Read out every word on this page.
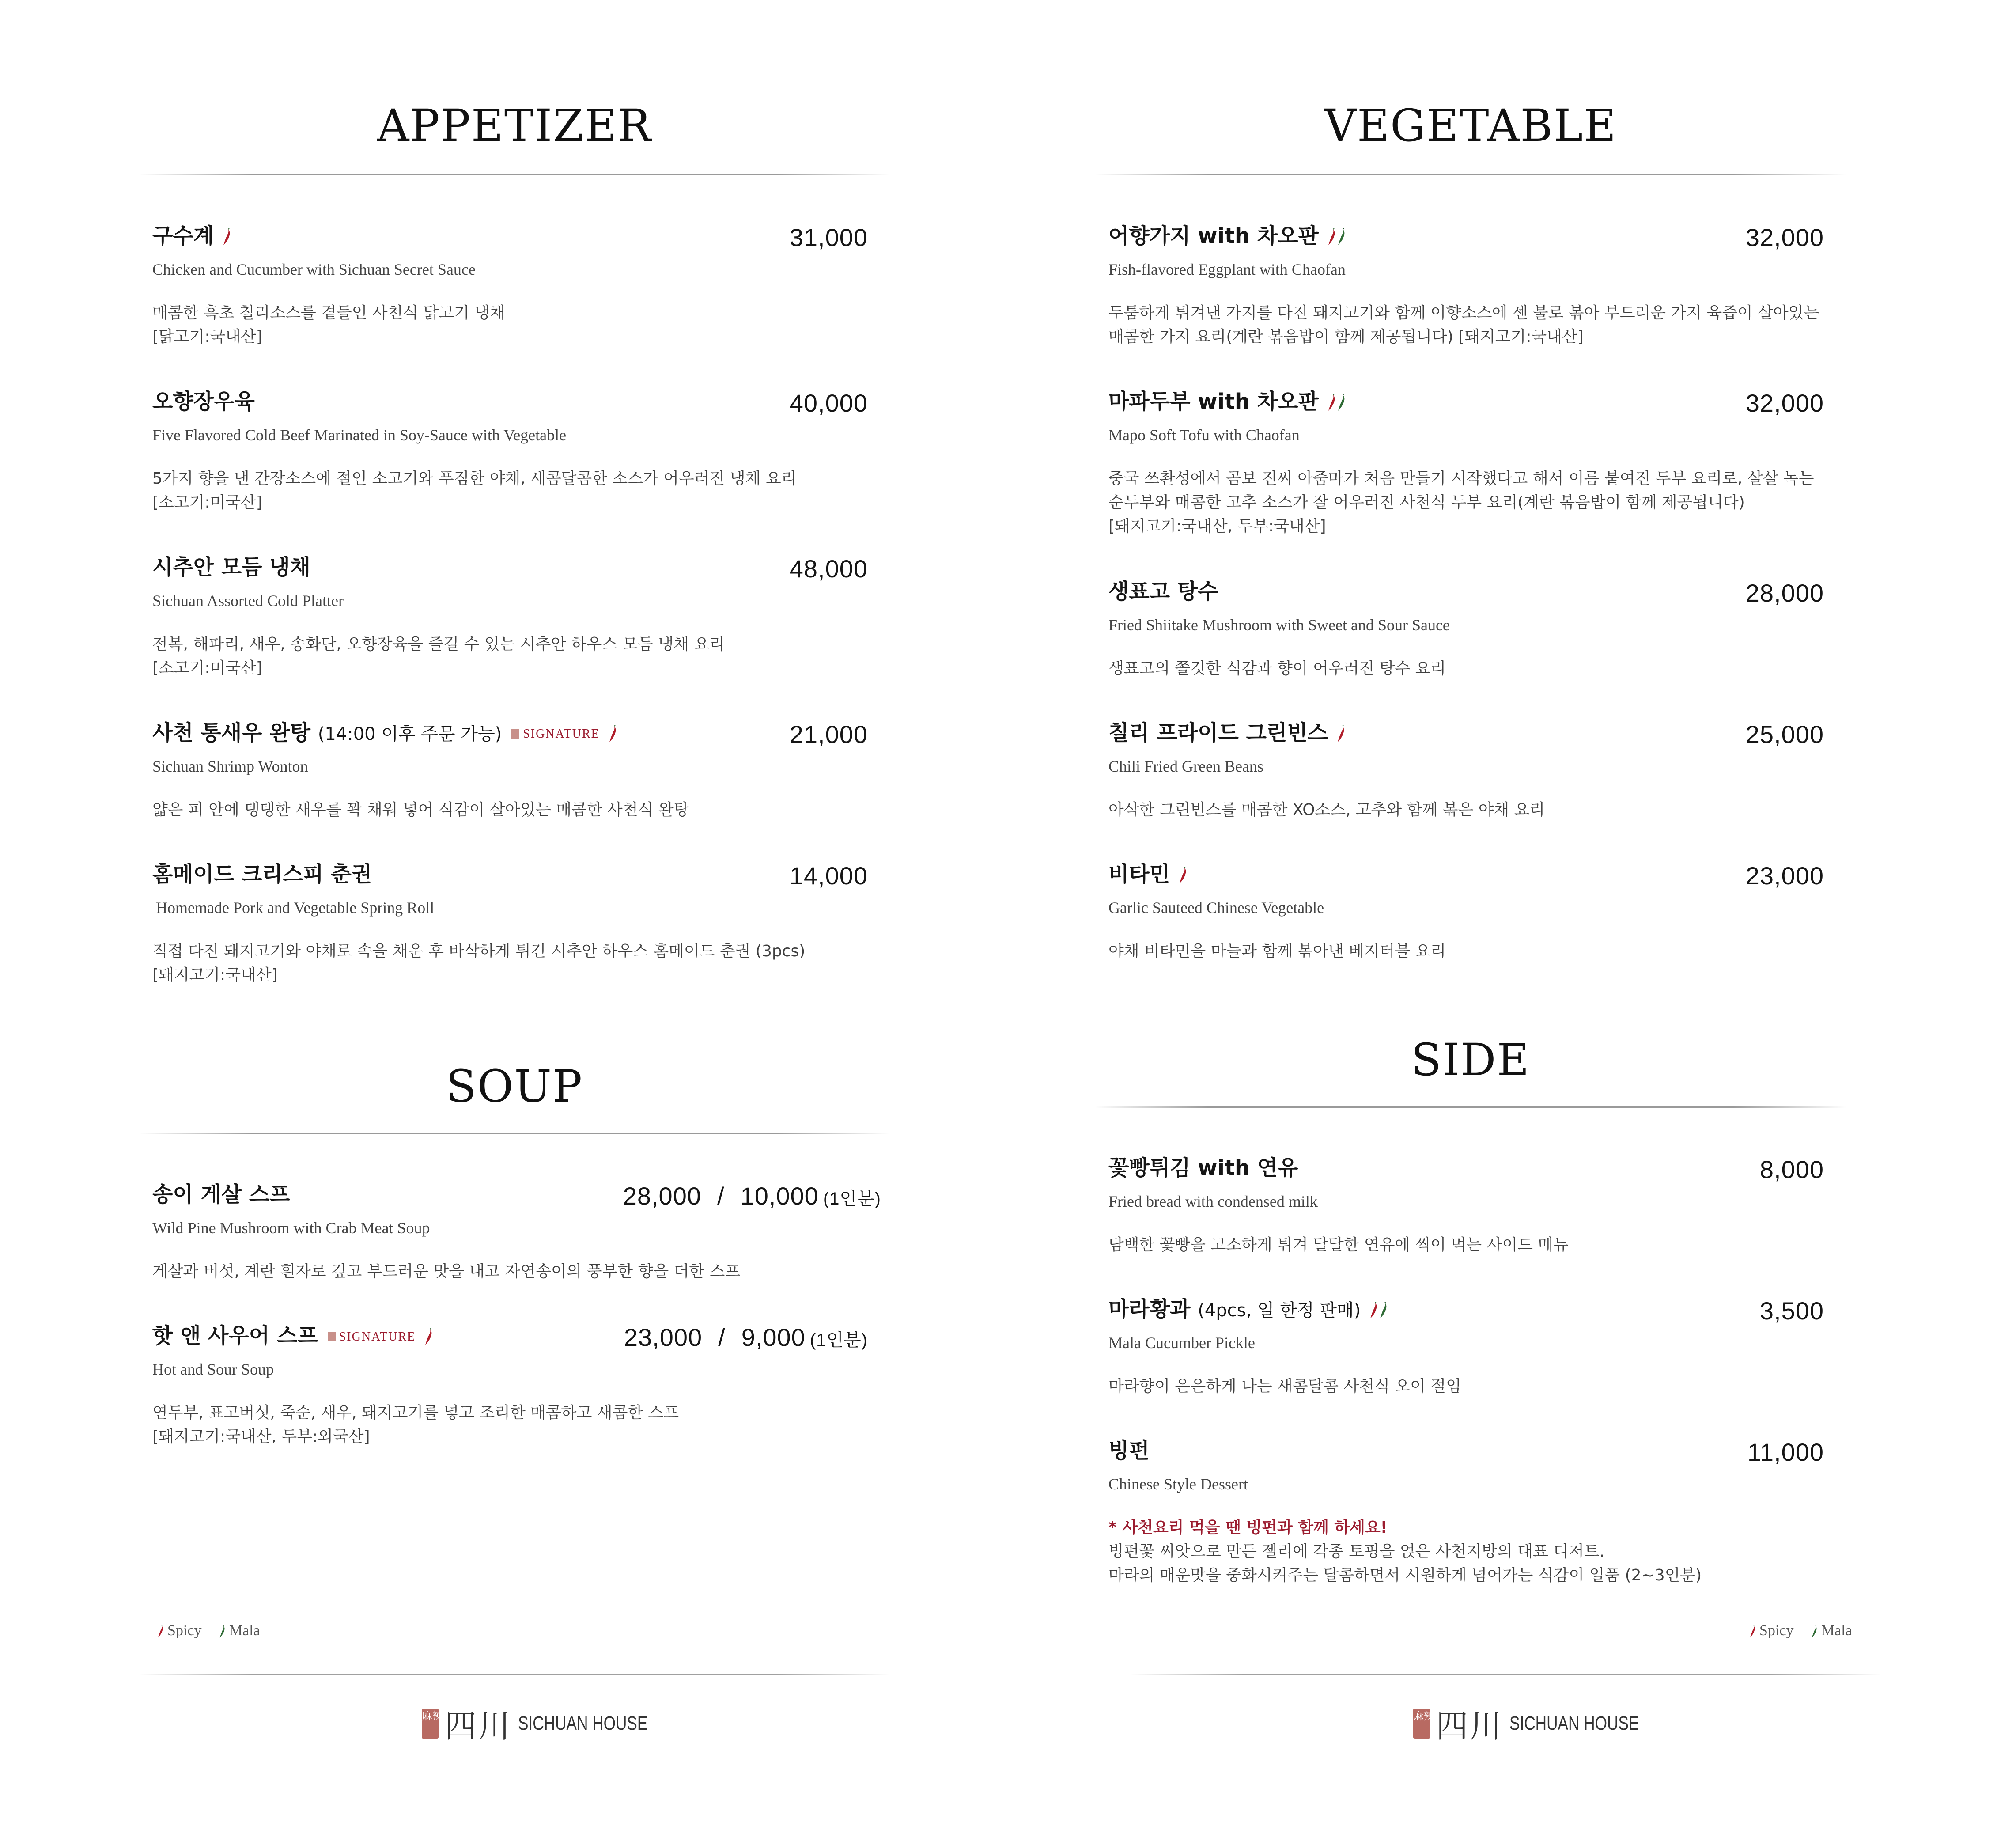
APPETIZER
구수계	31,000
Chicken and Cucumber with Sichuan Secret Sauce
매콤한 흑초 칠리소스를 곁들인 사천식 닭고기 냉채
[닭고기:국내산]
오향장우육	40,000
Five Flavored Cold Beef Marinated in Soy-Sauce with Vegetable
5가지 향을 낸 간장소스에 절인 소고기와 푸짐한 야채, 새콤달콤한 소스가 어우러진 냉채 요리
[소고기:미국산]
시추안 모듬 냉채	48,000
Sichuan Assorted Cold Platter
전복, 해파리, 새우, 송화단, 오향장육을 즐길 수 있는 시추안 하우스 모듬 냉채 요리
[소고기:미국산]
사천 통새우 완탕 (14:00 이후 주문 가능) SIGNATURE	21,000
Sichuan Shrimp Wonton
얇은 피 안에 탱탱한 새우를 꽉 채워 넣어 식감이 살아있는 매콤한 사천식 완탕
홈메이드 크리스피 춘권	14,000
Homemade Pork and Vegetable Spring Roll
직접 다진 돼지고기와 야채로 속을 채운 후 바삭하게 튀긴 시추안 하우스 홈메이드 춘권 (3pcs)
[돼지고기:국내산]
SOUP
송이 게살 스프	28,000 / 10,000 (1인분)
Wild Pine Mushroom with Crab Meat Soup
게살과 버섯, 계란 흰자로 깊고 부드러운 맛을 내고 자연송이의 풍부한 향을 더한 스프
핫 앤 사우어 스프 SIGNATURE	23,000 / 9,000 (1인분)
Hot and Sour Soup
연두부, 표고버섯, 죽순, 새우, 돼지고기를 넣고 조리한 매콤하고 새콤한 스프
[돼지고기:국내산, 두부:외국산]
Spicy Mala
麻辣四川 SICHUAN HOUSE
VEGETABLE
어향가지 with 차오판	32,000
Fish-flavored Eggplant with Chaofan
두툼하게 튀겨낸 가지를 다진 돼지고기와 함께 어향소스에 센 불로 볶아 부드러운 가지 육즙이 살아있는
매콤한 가지 요리(계란 볶음밥이 함께 제공됩니다) [돼지고기:국내산]
마파두부 with 차오판	32,000
Mapo Soft Tofu with Chaofan
중국 쓰촨성에서 곰보 진씨 아줌마가 처음 만들기 시작했다고 해서 이름 붙여진 두부 요리로, 살살 녹는
순두부와 매콤한 고추 소스가 잘 어우러진 사천식 두부 요리(계란 볶음밥이 함께 제공됩니다)
[돼지고기:국내산, 두부:국내산]
생표고 탕수	28,000
Fried Shiitake Mushroom with Sweet and Sour Sauce
생표고의 쫄깃한 식감과 향이 어우러진 탕수 요리
칠리 프라이드 그린빈스	25,000
Chili Fried Green Beans
아삭한 그린빈스를 매콤한 XO소스, 고추와 함께 볶은 야채 요리
비타민	23,000
Garlic Sauteed Chinese Vegetable
야채 비타민을 마늘과 함께 볶아낸 베지터블 요리
SIDE
꽃빵튀김 with 연유	8,000
Fried bread with condensed milk
담백한 꽃빵을 고소하게 튀겨 달달한 연유에 찍어 먹는 사이드 메뉴
마라황과 (4pcs, 일 한정 판매)	3,500
Mala Cucumber Pickle
마라향이 은은하게 나는 새콤달콤 사천식 오이 절임
빙펀	11,000
Chinese Style Dessert
* 사천요리 먹을 땐 빙펀과 함께 하세요!
빙펀꽃 씨앗으로 만든 젤리에 각종 토핑을 얹은 사천지방의 대표 디저트.
마라의 매운맛을 중화시켜주는 달콤하면서 시원하게 넘어가는 식감이 일품 (2~3인분)
Spicy Mala
麻辣四川 SICHUAN HOUSE
